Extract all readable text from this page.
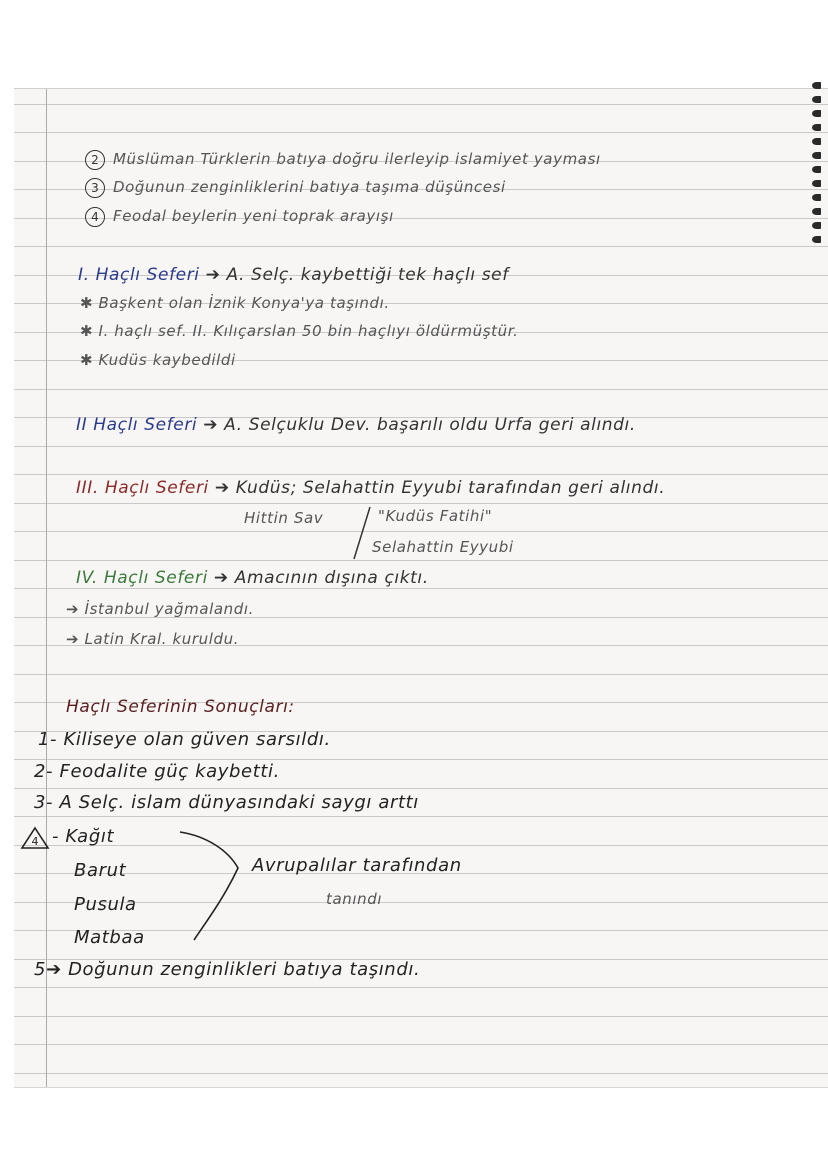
2 Müslüman Türklerin batıya doğru ilerleyip islamiyet yayması
3 Doğunun zenginliklerini batıya taşıma düşüncesi
4 Feodal beylerin yeni toprak arayışı
I. Haçlı Seferi ➔ A. Selç. kaybettiği tek haçlı sef
✱ Başkent olan İznik Konya'ya taşındı.
✱ I. haçlı sef. II. Kılıçarslan 50 bin haçlıyı öldürmüştür.
✱ Kudüs kaybedildi
II Haçlı Seferi ➔ A. Selçuklu Dev. başarılı oldu Urfa geri alındı.
III. Haçlı Seferi ➔ Kudüs; Selahattin Eyyubi tarafından geri alındı.
Hittin Sav	"Kudüs Fatihi"
Selahattin Eyyubi
IV. Haçlı Seferi ➔ Amacının dışına çıktı.
➔ İstanbul yağmalandı.
➔ Latin Kral. kuruldu.
Haçlı Seferinin Sonuçları:
1- Kiliseye olan güven sarsıldı.
2- Feodalite güç kaybetti.
3- A Selç. islam dünyasındaki saygı arttı
4 - Kağıt
Barut
Pusula
Matbaa
Avrupalılar tarafından
tanındı
5➔ Doğunun zenginlikleri batıya taşındı.
